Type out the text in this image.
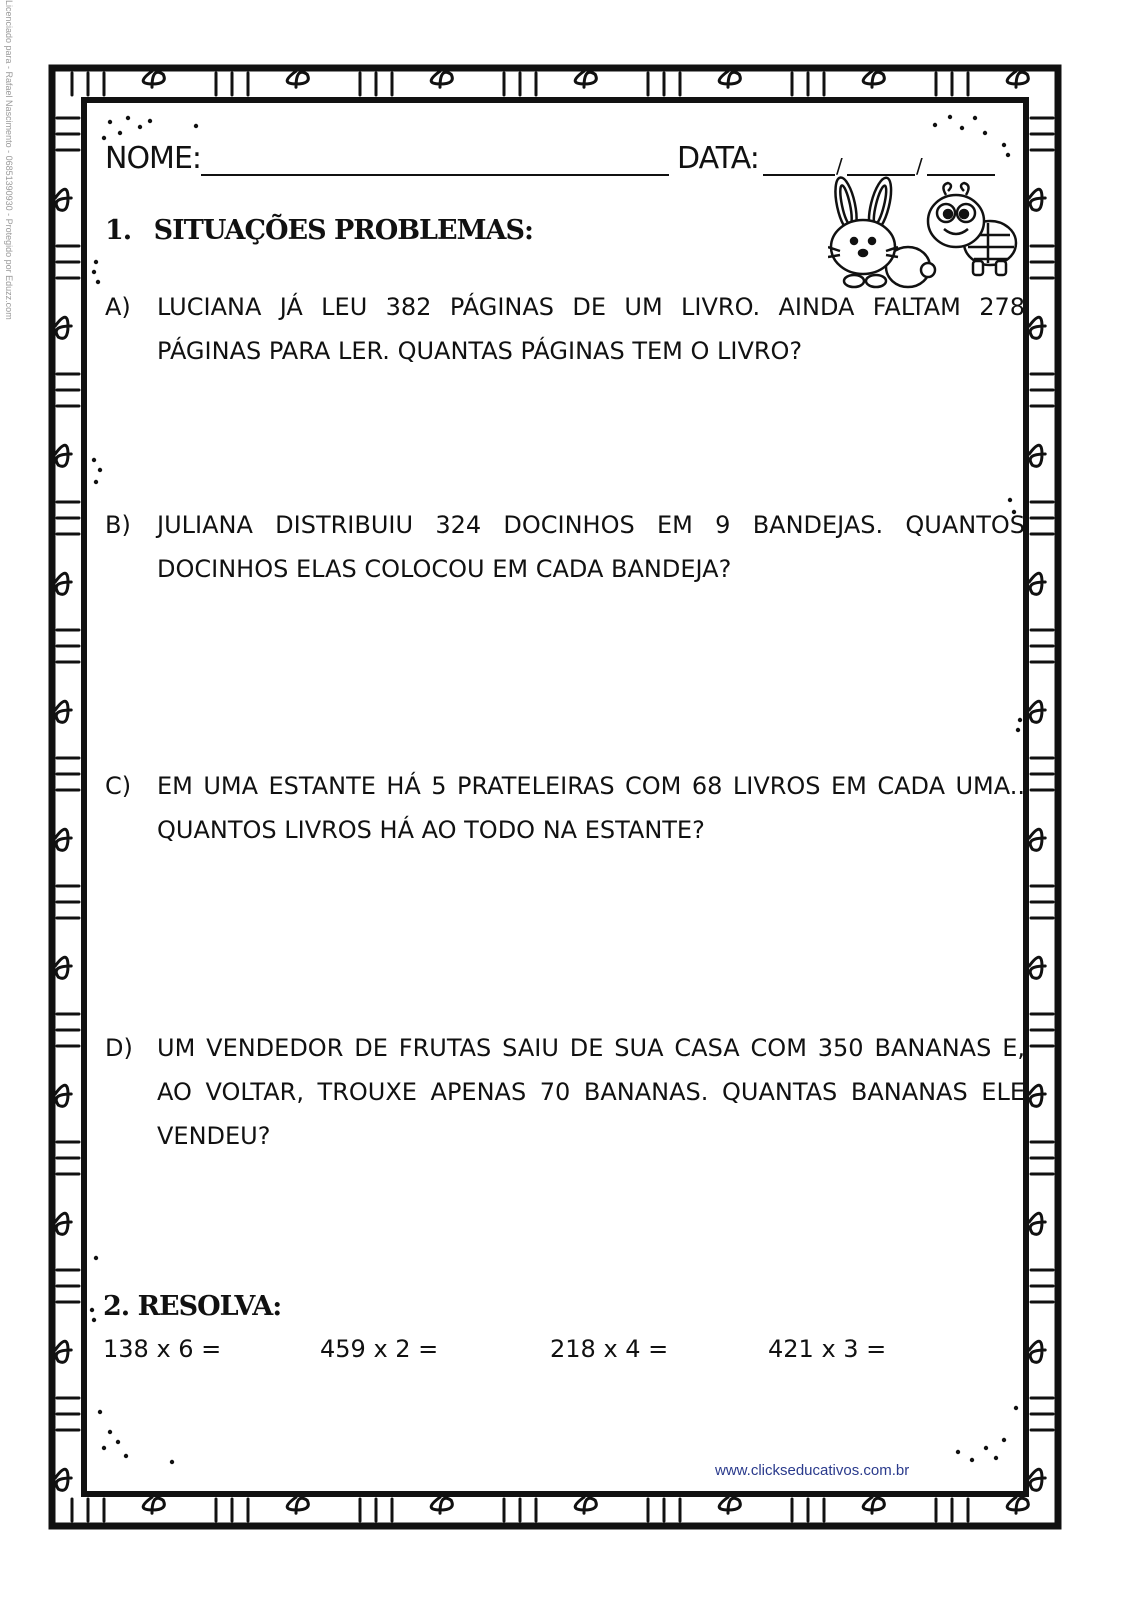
Licenciado para - Rafael Nascimento - 06851390930 - Protegido por Eduzz.com	NOME:	DATA:	/	/
1. SITUAÇÕES PROBLEMAS:
A) LUCIANA JÁ LEU 382 PÁGINAS DE UM LIVRO. AINDA FALTAM 278 PÁGINAS PARA LER. QUANTAS PÁGINAS TEM O LIVRO?
B) JULIANA DISTRIBUIU 324 DOCINHOS EM 9 BANDEJAS. QUANTOS DOCINHOS ELAS COLOCOU EM CADA BANDEJA?
C) EM UMA ESTANTE HÁ 5 PRATELEIRAS COM 68 LIVROS EM CADA UMA.. QUANTOS LIVROS HÁ AO TODO NA ESTANTE?
D) UM VENDEDOR DE FRUTAS SAIU DE SUA CASA COM 350 BANANAS E, AO VOLTAR, TROUXE APENAS 70 BANANAS. QUANTAS BANANAS ELE VENDEU?
2. RESOLVA:
138 x 6 =	459 x 2 =	218 x 4 =	421 x 3 =
www.clickseducativos.com.br
